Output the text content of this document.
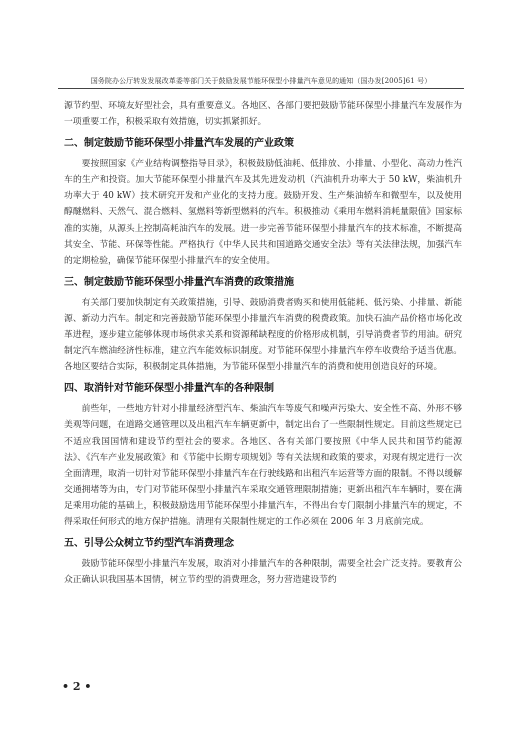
国务院办公厅转发发展改革委等部门关于鼓励发展节能环保型小排量汽车意见的通知（国办发[2005]61 号）

源节约型、环境友好型社会，具有重要意义。各地区、各部门要把鼓励节能环保型小排量汽车发展作为一项重要工作，积极采取有效措施，切实抓紧抓好。

二、制定鼓励节能环保型小排量汽车发展的产业政策

要按照国家《产业结构调整指导目录》，积极鼓励低油耗、低排放、小排量、小型化、高动力性汽车的生产和投资。加大节能环保型小排量汽车及其先进发动机（汽油机升功率大于 50 kW，柴油机升功率大于 40 kW）技术研究开发和产业化的支持力度。鼓励开发、生产柴油轿车和微型车，以及使用醇醚燃料、天然气、混合燃料、氢燃料等新型燃料的汽车。积极推动《乘用车燃料消耗量限值》国家标准的实施，从源头上控制高耗油汽车的发展。进一步完善节能环保型小排量汽车的技术标准，不断提高其安全、节能、环保等性能。严格执行《中华人民共和国道路交通安全法》等有关法律法规，加强汽车的定期检验，确保节能环保型小排量汽车的安全使用。

三、制定鼓励节能环保型小排量汽车消费的政策措施

有关部门要加快制定有关政策措施，引导、鼓励消费者购买和使用低能耗、低污染、小排量、新能源、新动力汽车。制定和完善鼓励节能环保型小排量汽车消费的税费政策。加快石油产品价格市场化改革进程，逐步建立能够体现市场供求关系和资源稀缺程度的价格形成机制，引导消费者节约用油。研究制定汽车燃油经济性标准，建立汽车能效标识制度。对节能环保型小排量汽车停车收费给予适当优惠。各地区要结合实际，积极制定具体措施，为节能环保型小排量汽车的消费和使用创造良好的环境。

四、取消针对节能环保型小排量汽车的各种限制

前些年，一些地方针对小排量经济型汽车、柴油汽车等废气和噪声污染大、安全性不高、外形不够美观等问题，在道路交通管理以及出租汽车车辆更新中，制定出台了一些限制性规定。目前这些规定已不适应我国国情和建设节约型社会的要求。各地区、各有关部门要按照《中华人民共和国节约能源法》、《汽车产业发展政策》和《节能中长期专项规划》等有关法规和政策的要求，对现有规定进行一次全面清理，取消一切针对节能环保型小排量汽车在行驶线路和出租汽车运营等方面的限制。不得以缓解交通拥堵等为由，专门对节能环保型小排量汽车采取交通管理限制措施；更新出租汽车车辆时，要在满足乘用功能的基础上，积极鼓励选用节能环保型小排量汽车，不得出台专门限制小排量汽车的规定，不得采取任何形式的地方保护措施。清理有关限制性规定的工作必须在 2006 年 3 月底前完成。

五、引导公众树立节约型汽车消费理念

鼓励节能环保型小排量汽车发展，取消对小排量汽车的各种限制，需要全社会广泛支持。要教育公众正确认识我国基本国情，树立节约型的消费理念，努力营造建设节约

• 2 •
